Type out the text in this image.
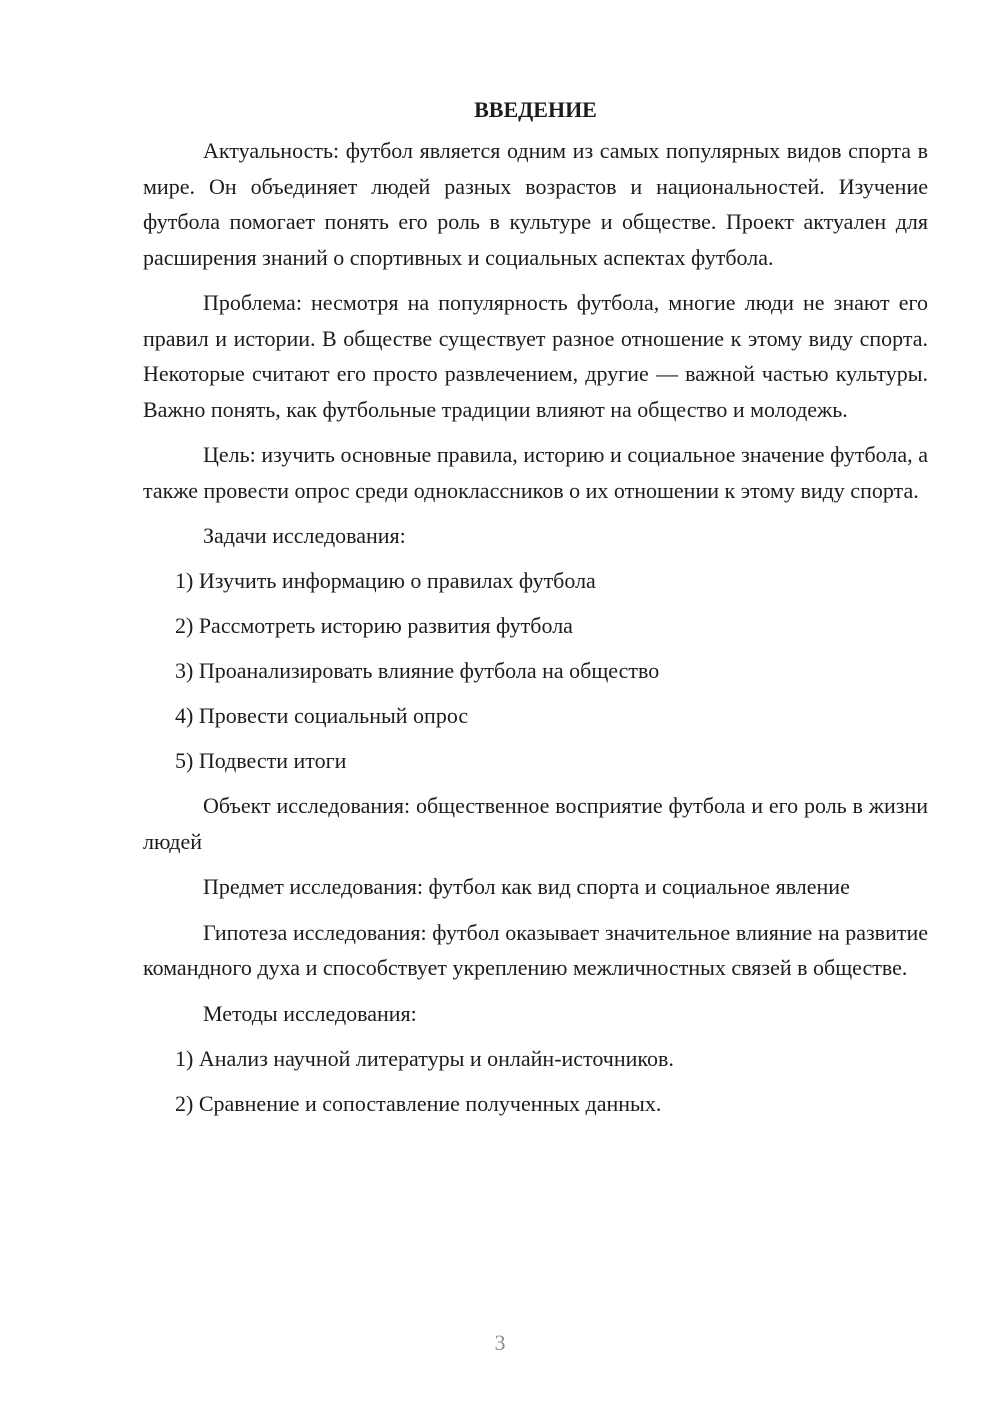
ВВЕДЕНИЕ

Актуальность: футбол является одним из самых популярных видов спорта в мире. Он объединяет людей разных возрастов и национальностей. Изучение футбола помогает понять его роль в культуре и обществе. Проект актуален для расширения знаний о спортивных и социальных аспектах футбола.

Проблема: несмотря на популярность футбола, многие люди не знают его правил и истории. В обществе существует разное отношение к этому виду спорта. Некоторые считают его просто развлечением, другие — важной частью культуры. Важно понять, как футбольные традиции влияют на общество и молодежь.

Цель: изучить основные правила, историю и социальное значение футбола, а также провести опрос среди одноклассников о их отношении к этому виду спорта.

Задачи исследования:

1) Изучить информацию о правилах футбола
2) Рассмотреть историю развития футбола
3) Проанализировать влияние футбола на общество
4) Провести социальный опрос
5) Подвести итоги

Объект исследования: общественное восприятие футбола и его роль в жизни людей

Предмет исследования: футбол как вид спорта и социальное явление

Гипотеза исследования: футбол оказывает значительное влияние на развитие командного духа и способствует укреплению межличностных связей в обществе.

Методы исследования:

1) Анализ научной литературы и онлайн-источников.
2) Сравнение и сопоставление полученных данных.
3
